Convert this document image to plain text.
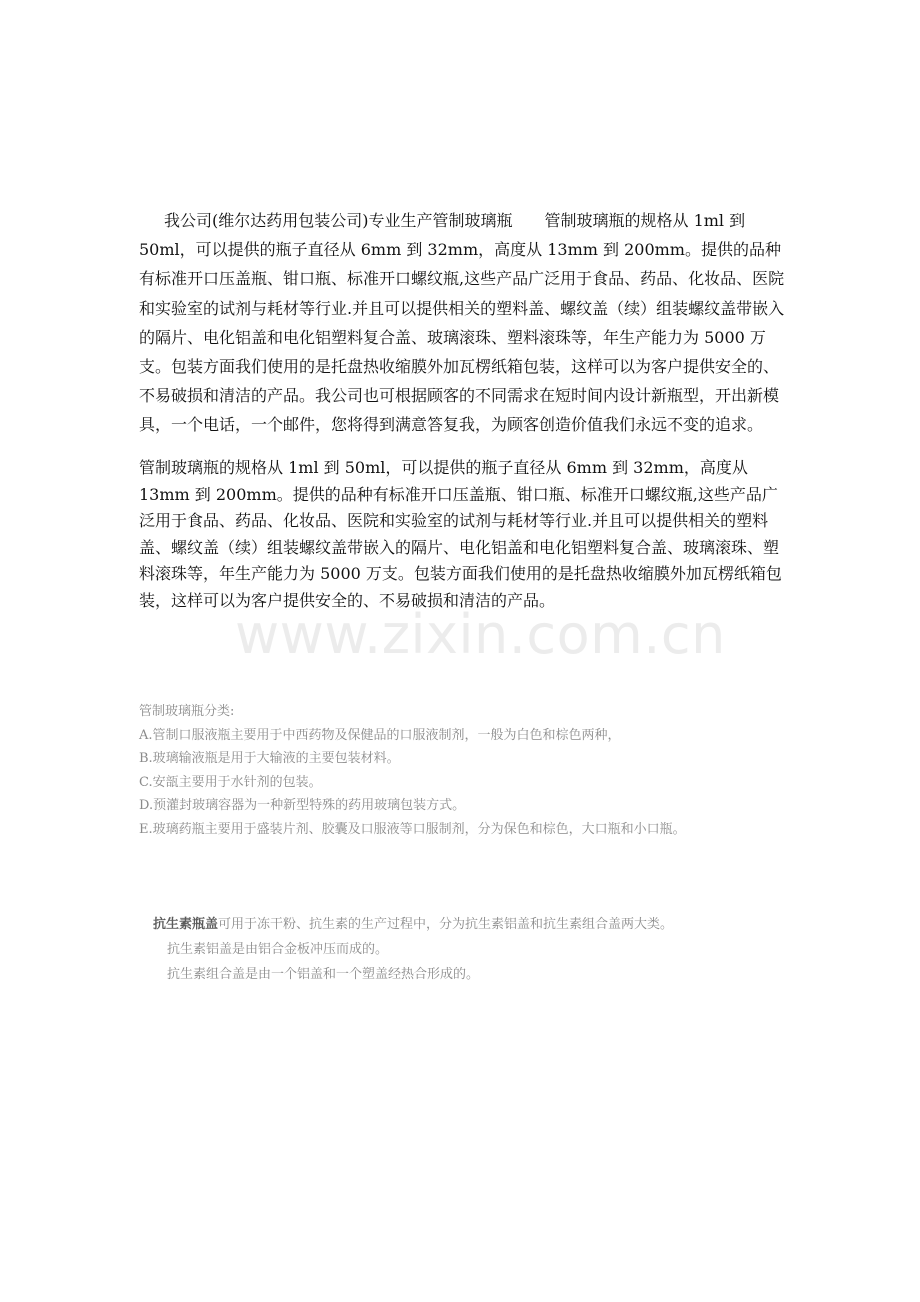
我公司(维尔达药用包装公司)专业生产管制玻璃瓶　　管制玻璃瓶的规格从 1ml 到 50ml，可以提供的瓶子直径从 6mm 到 32mm，高度从 13mm 到 200mm。提供的品种有标准开口压盖瓶、钳口瓶、标准开口螺纹瓶,这些产品广泛用于食品、药品、化妆品、医院和实验室的试剂与耗材等行业.并且可以提供相关的塑料盖、螺纹盖（续）组装螺纹盖带嵌入的隔片、电化铝盖和电化铝塑料复合盖、玻璃滚珠、塑料滚珠等，年生产能力为 5000 万支。包装方面我们使用的是托盘热收缩膜外加瓦楞纸箱包装，这样可以为客户提供安全的、不易破损和清洁的产品。我公司也可根据顾客的不同需求在短时间内设计新瓶型，开出新模具，一个电话，一个邮件，您将得到满意答复我，为顾客创造价值我们永远不变的追求。
管制玻璃瓶的规格从 1ml 到 50ml，可以提供的瓶子直径从 6mm 到 32mm，高度从 13mm 到 200mm。提供的品种有标准开口压盖瓶、钳口瓶、标准开口螺纹瓶,这些产品广泛用于食品、药品、化妆品、医院和实验室的试剂与耗材等行业.并且可以提供相关的塑料盖、螺纹盖（续）组装螺纹盖带嵌入的隔片、电化铝盖和电化铝塑料复合盖、玻璃滚珠、塑料滚珠等，年生产能力为 5000 万支。包装方面我们使用的是托盘热收缩膜外加瓦楞纸箱包装，这样可以为客户提供安全的、不易破损和清洁的产品。
www.zixin.com.cn
管制玻璃瓶分类:
A.管制口服液瓶主要用于中西药物及保健品的口服液制剂，一般为白色和棕色两种，
B.玻璃输液瓶是用于大输液的主要包装材料。
C.安瓿主要用于水针剂的包装。
D.预灌封玻璃容器为一种新型特殊的药用玻璃包装方式。
E.玻璃药瓶主要用于盛装片剂、胶囊及口服液等口服制剂，分为保色和棕色，大口瓶和小口瓶。
抗生素瓶盖可用于冻干粉、抗生素的生产过程中，分为抗生素铝盖和抗生素组合盖两大类。
抗生素铝盖是由铝合金板冲压而成的。
抗生素组合盖是由一个铝盖和一个塑盖经热合形成的。
